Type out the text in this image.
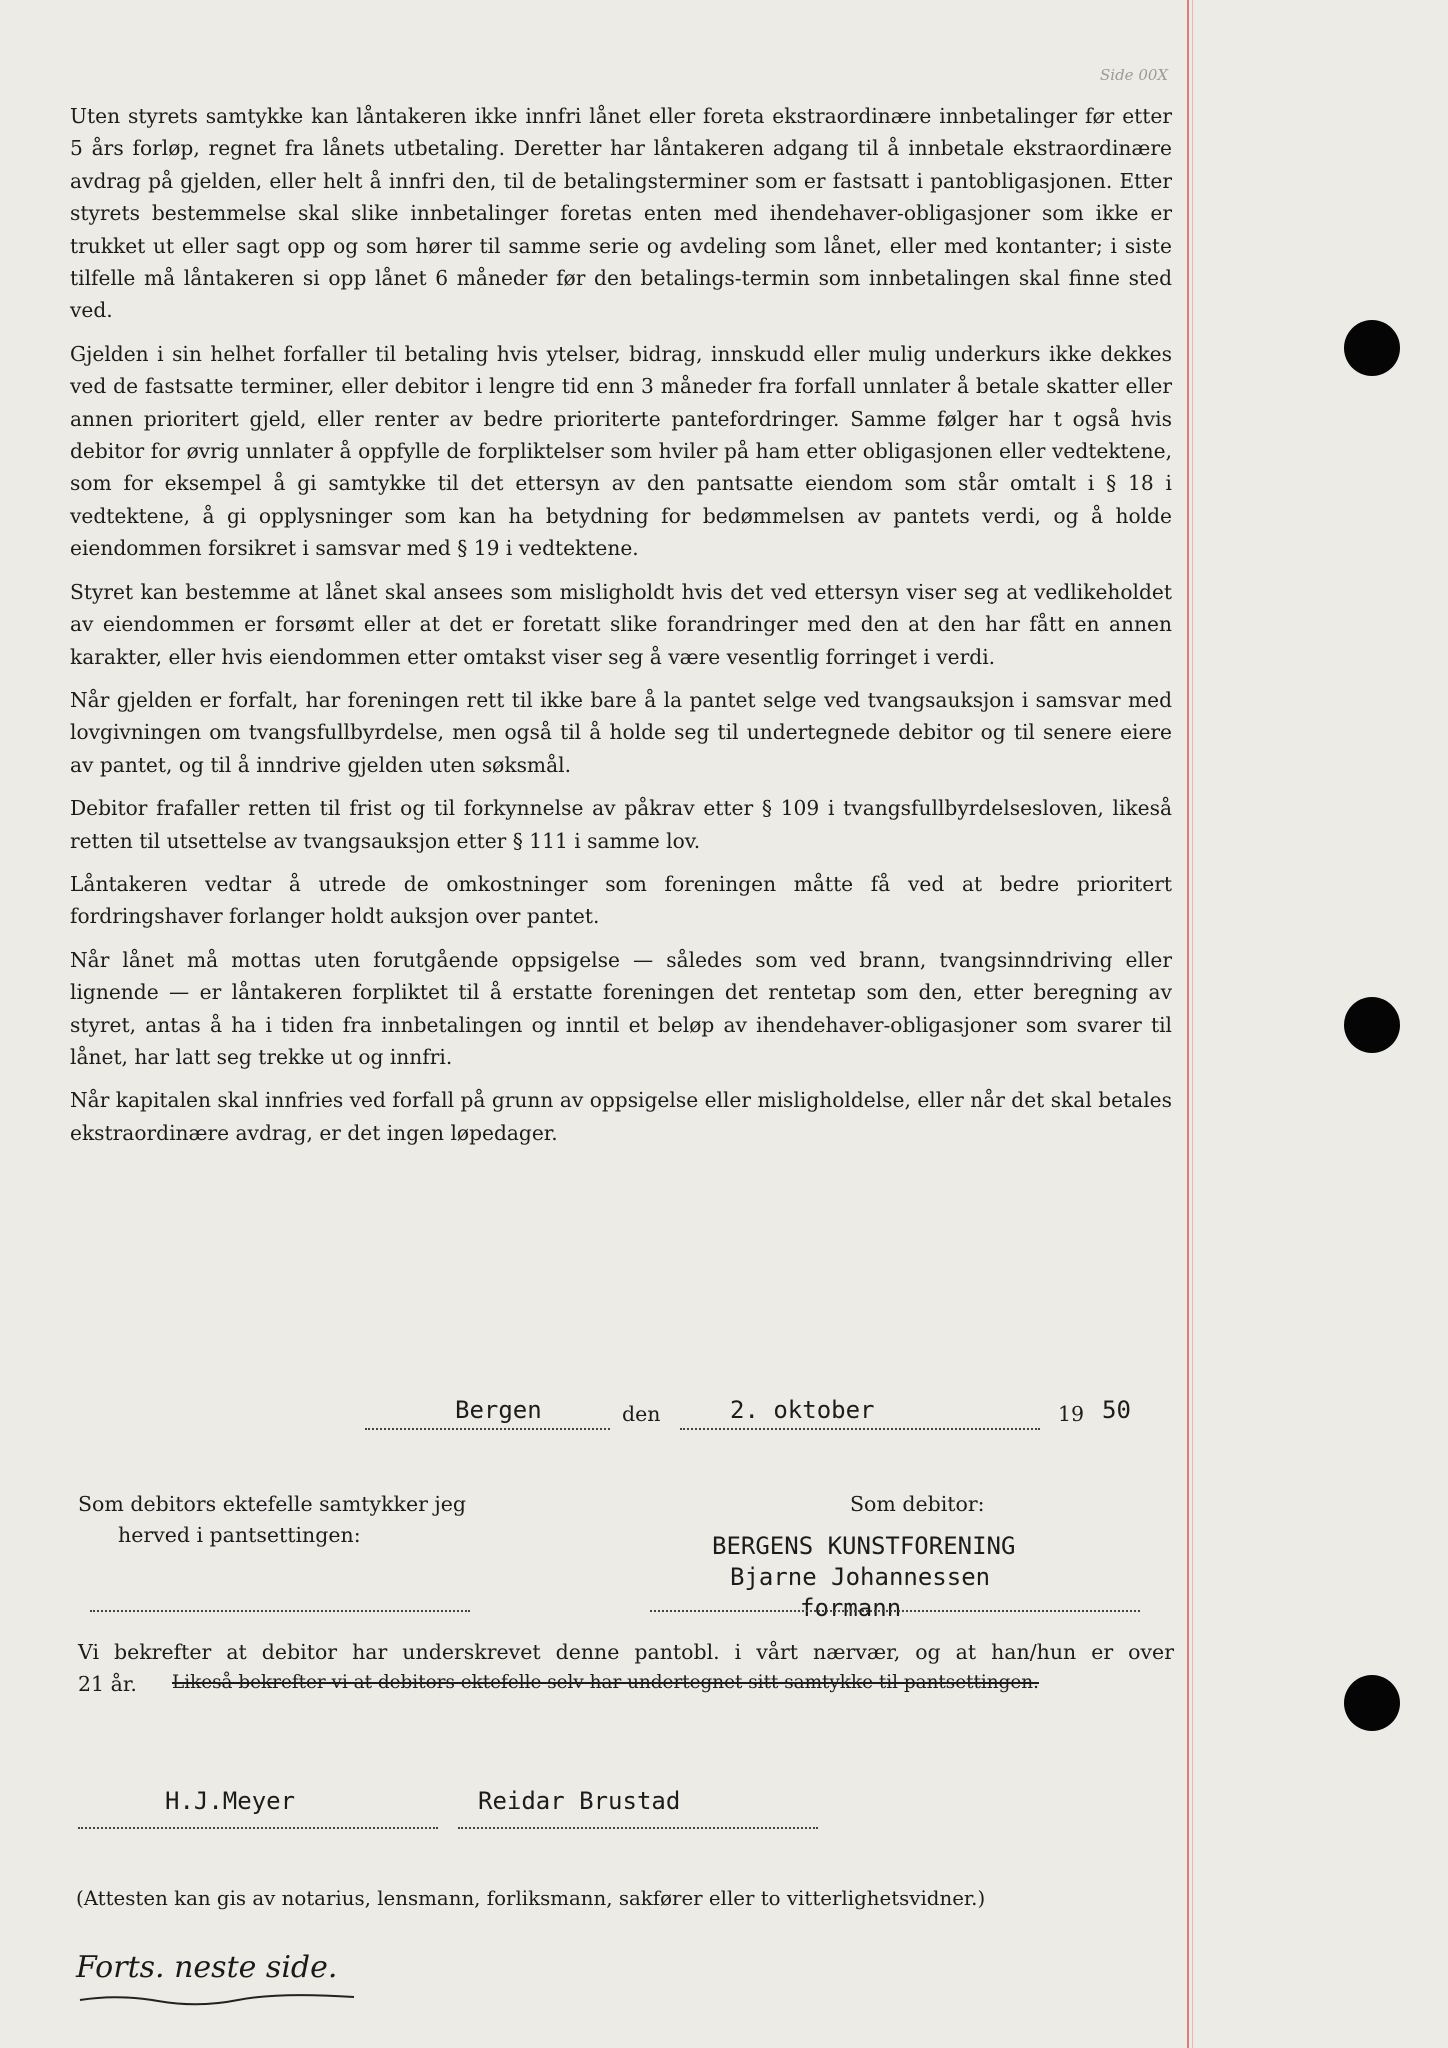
Side 00X

Uten styrets samtykke kan låntakeren ikke innfri lånet eller foreta ekstraordinære innbetalinger før etter 5 års forløp, regnet fra lånets utbetaling. Deretter har låntakeren adgang til å innbetale ekstraordinære avdrag på gjelden, eller helt å innfri den, til de betalingsterminer som er fastsatt i pantobligasjonen. Etter styrets bestemmelse skal slike innbetalinger foretas enten med ihendehaver-obligasjoner som ikke er trukket ut eller sagt opp og som hører til samme serie og avdeling som lånet, eller med kontanter; i siste tilfelle må låntakeren si opp lånet 6 måneder før den betalings-termin som innbetalingen skal finne sted ved.

Gjelden i sin helhet forfaller til betaling hvis ytelser, bidrag, innskudd eller mulig underkurs ikke dekkes ved de fastsatte terminer, eller debitor i lengre tid enn 3 måneder fra forfall unnlater å betale skatter eller annen prioritert gjeld, eller renter av bedre prioriterte pantefordringer. Samme følger har t også hvis debitor for øvrig unnlater å oppfylle de forpliktelser som hviler på ham etter obligasjonen eller vedtektene, som for eksempel å gi samtykke til det ettersyn av den pantsatte eiendom som står omtalt i § 18 i vedtektene, å gi opplysninger som kan ha betydning for bedømmelsen av pantets verdi, og å holde eiendommen forsikret i samsvar med § 19 i vedtektene.

Styret kan bestemme at lånet skal ansees som misligholdt hvis det ved ettersyn viser seg at vedlikeholdet av eiendommen er forsømt eller at det er foretatt slike forandringer med den at den har fått en annen karakter, eller hvis eiendommen etter omtakst viser seg å være vesentlig forringet i verdi.

Når gjelden er forfalt, har foreningen rett til ikke bare å la pantet selge ved tvangsauksjon i samsvar med lovgivningen om tvangsfullbyrdelse, men også til å holde seg til undertegnede debitor og til senere eiere av pantet, og til å inndrive gjelden uten søksmål.

Debitor frafaller retten til frist og til forkynnelse av påkrav etter § 109 i tvangsfullbyrdelsesloven, likeså retten til utsettelse av tvangsauksjon etter § 111 i samme lov.

Låntakeren vedtar å utrede de omkostninger som foreningen måtte få ved at bedre prioritert fordringshaver forlanger holdt auksjon over pantet.

Når lånet må mottas uten forutgående oppsigelse — således som ved brann, tvangsinndriving eller lignende — er låntakeren forpliktet til å erstatte foreningen det rentetap som den, etter beregning av styret, antas å ha i tiden fra innbetalingen og inntil et beløp av ihendehaver-obligasjoner som svarer til lånet, har latt seg trekke ut og innfri.

Når kapitalen skal innfries ved forfall på grunn av oppsigelse eller misligholdelse, eller når det skal betales ekstraordinære avdrag, er det ingen løpedager.

Bergen	den	2. oktober	19 50
Som debitors ektefelle samtykker jeg
herved i pantsettingen:
Som debitor:
BERGENS KUNSTFORENING
Bjarne Johannessen
formann
Vi bekrefter at debitor har underskrevet denne pantobl. i vårt nærvær, og at han/hun er over
21 år. Likeså bekrefter vi at debitors ektefelle selv har undertegnet sitt samtykke til pantsettingen.
H.J.Meyer	Reidar Brustad
(Attesten kan gis av notarius, lensmann, forliksmann, sakfører eller to vitterlighetsvidner.)
Forts. neste side.
